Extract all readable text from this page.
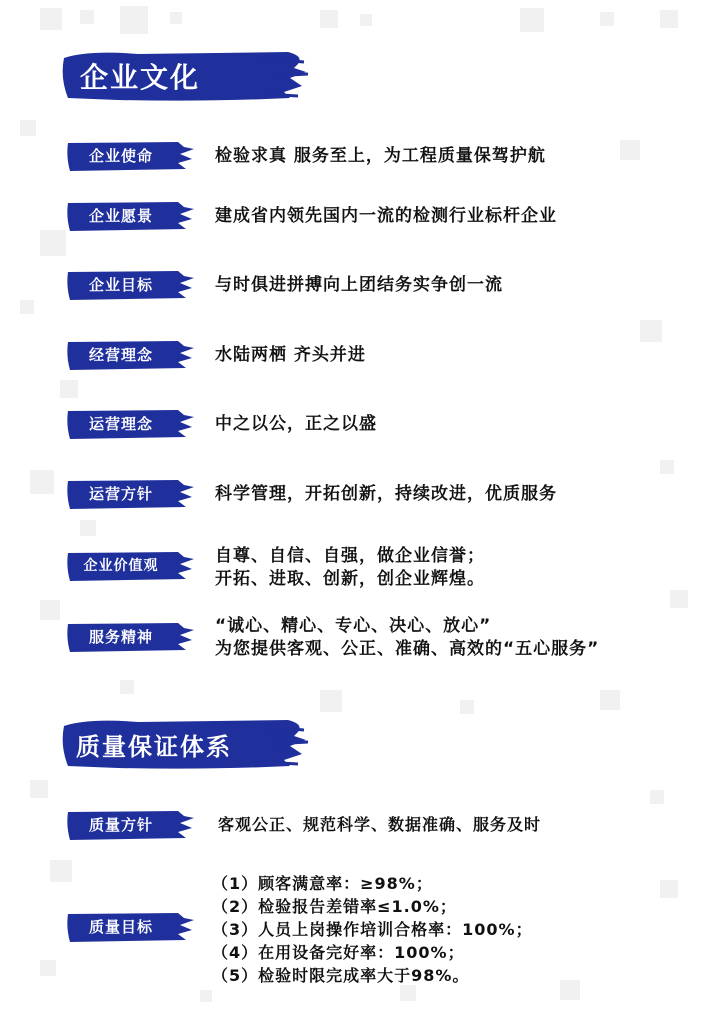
企业文化
企业使命	检验求真 服务至上，为工程质量保驾护航
企业愿景	建成省内领先国内一流的检测行业标杆企业
企业目标	与时俱进拼搏向上团结务实争创一流
经营理念	水陆两栖 齐头并进
运营理念	中之以公，正之以盛
运营方针	科学管理，开拓创新，持续改进，优质服务
企业价值观	自尊、自信、自强，做企业信誉；
开拓、进取、创新，创企业辉煌。
服务精神
“诚心、精心、专心、决心、放心”
为您提供客观、公正、准确、高效的“五心服务”
质量保证体系
质量方针	客观公正、规范科学、数据准确、服务及时
质量目标
（1）顾客满意率：≥98%；
（2）检验报告差错率≤1.0%；
（3）人员上岗操作培训合格率：100%；
（4）在用设备完好率：100%；
（5）检验时限完成率大于98%。
